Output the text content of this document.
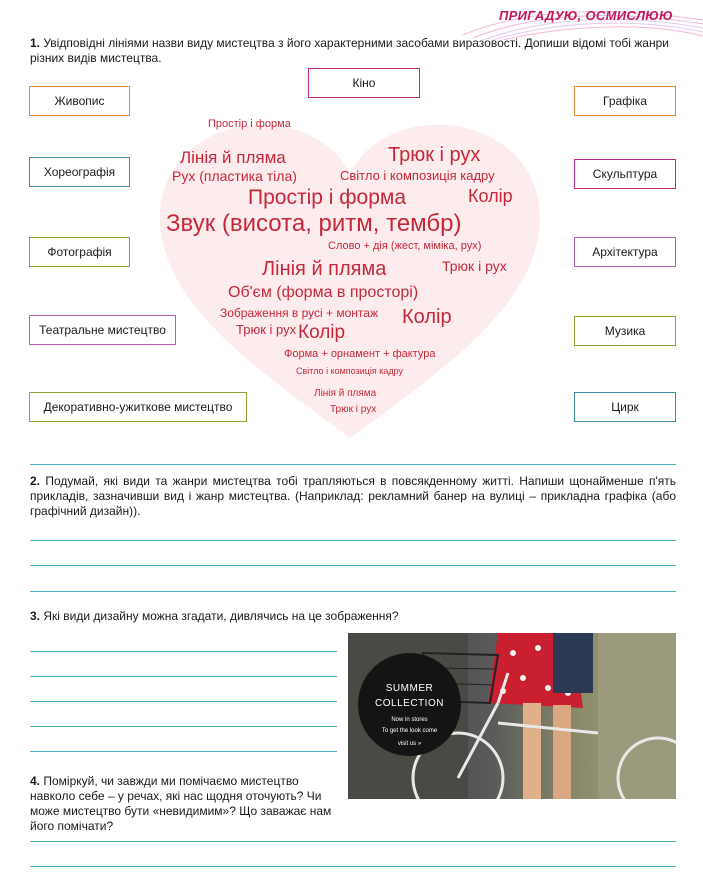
ПРИГАДУЮ, ОСМИСЛЮЮ
1. Увідповідні лініями назви виду мистецтва з його характерними засобами виразовості. Допиши відомі тобі жанри різних видів мистецтва.
Простір і форма
Лінія й пляма	Трюк і рух
Рух (пластика тіла)	Світло і композиція кадру
Простір і форма	Колір
Звук (висота, ритм, тембр)
Слово + дія (жест, міміка, рух)
Лінія й пляма	Трюк і рух
Об'єм (форма в просторі)
Зображення в русі + монтаж Колір
Трюк і рух Колір
Форма + орнамент + фактура
Світло і композиція кадру
Лінія й пляма
Трюк і рух
Кіно
Живопис
Хореографія
Фотографія
Театральне мистецтво
Декоративно-ужиткове мистецтво
Графіка
Скульптура
Архітектура
Музика
Цирк
2. Подумай, які види та жанри мистецтва тобі трапляються в повсякденному житті. Напиши щонайменше п'ять прикладів, зазначивши вид і жанр мистецтва. (Наприклад: рекламний банер на вулиці – прикладна графіка (або графічний дизайн)).
3. Які види дизайну можна згадати, дивлячись на це зображення?
SUMMER
COLLECTION
Now in stores
To get the look come
visit us »
4. Поміркуй, чи завжди ми помічаємо мистецтво навколо себе – у речах, які нас щодня оточують? Чи може мистецтво бути «невидимим»? Що заважає нам його помічати?
